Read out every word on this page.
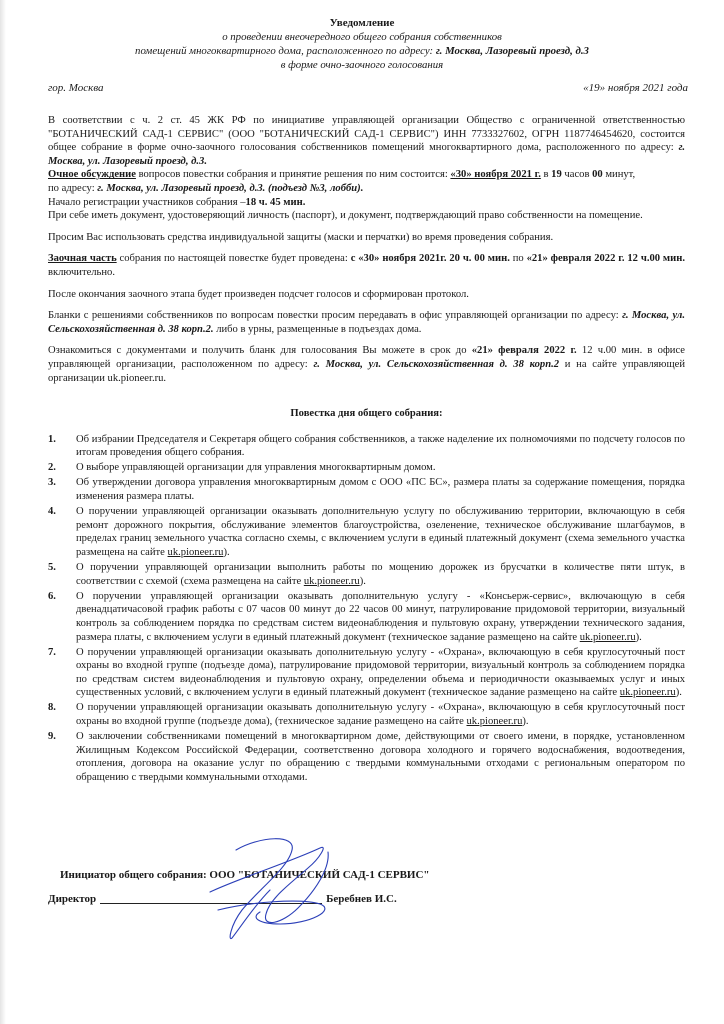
Уведомление
о проведении внеочередного общего собрания собственников
помещений многоквартирного дома, расположенного по адресу: г. Москва, Лазоревый проезд, д.3
в форме очно-заочного голосования
гор. Москва	«19» ноября 2021 года

В соответствии с ч. 2 ст. 45 ЖК РФ по инициативе управляющей организации Общество с ограниченной ответственностью "БОТАНИЧЕСКИЙ САД-1 СЕРВИС" (ООО "БОТАНИЧЕСКИЙ САД-1 СЕРВИС") ИНН 7733327602, ОГРН 1187746454620, состоится общее собрание в форме очно-заочного голосования собственников помещений многоквартирного дома, расположенного по адресу: г. Москва, ул. Лазоревый проезд, д.3.

Очное обсуждение вопросов повестки собрания и принятие решения по ним состоится: «30» ноября 2021 г. в 19 часов 00 минут,
по адресу: г. Москва, ул. Лазоревый проезд, д.3. (подъезд №3, лобби).

Начало регистрации участников собрания –18 ч. 45 мин.

При себе иметь документ, удостоверяющий личность (паспорт), и документ, подтверждающий право собственности на помещение.

Просим Вас использовать средства индивидуальной защиты (маски и перчатки) во время проведения собрания.

Заочная часть собрания по настоящей повестке будет проведена: с «30» ноября 2021г. 20 ч. 00 мин. по «21» февраля 2022 г. 12 ч.00 мин. включительно.

После окончания заочного этапа будет произведен подсчет голосов и сформирован протокол.

Бланки с решениями собственников по вопросам повестки просим передавать в офис управляющей организации по адресу: г. Москва, ул. Сельскохозяйственная д. 38 корп.2. либо в урны, размещенные в подъездах дома.

Ознакомиться с документами и получить бланк для голосования Вы можете в срок до «21» февраля 2022 г. 12 ч.00 мин. в офисе управляющей организации, расположенном по адресу: г. Москва, ул. Сельскохозяйственная д. 38 корп.2 и на сайте управляющей организации uk.pioneer.ru.

Повестка дня общего собрания:
1. Об избрании Председателя и Секретаря общего собрания собственников, а также наделение их полномочиями по подсчету голосов по итогам проведения общего собрания.
2. О выборе управляющей организации для управления многоквартирным домом.
3. Об утверждении договора управления многоквартирным домом с ООО «ПС БС», размера платы за содержание помещения, порядка изменения размера платы.
4. О поручении управляющей организации оказывать дополнительную услугу по обслуживанию территории, включающую в себя ремонт дорожного покрытия, обслуживание элементов благоустройства, озеленение, техническое обслуживание шлагбаумов, в пределах границ земельного участка согласно схемы, с включением услуги в единый платежный документ (схема земельного участка размещена на сайте uk.pioneer.ru).
5. О поручении управляющей организации выполнить работы по мощению дорожек из брусчатки в количестве пяти штук, в соответствии с схемой (схема размещена на сайте uk.pioneer.ru).
6. О поручении управляющей организации оказывать дополнительную услугу - «Консьерж-сервис», включающую в себя двенадцатичасовой график работы с 07 часов 00 минут до 22 часов 00 минут, патрулирование придомовой территории, визуальный контроль за соблюдением порядка по средствам систем видеонаблюдения и пультовую охрану, утверждении технического задания, размера платы, с включением услуги в единый платежный документ (техническое задание размещено на сайте uk.pioneer.ru).
7. О поручении управляющей организации оказывать дополнительную услугу - «Охрана», включающую в себя круглосуточный пост охраны во входной группе (подъезде дома), патрулирование придомовой территории, визуальный контроль за соблюдением порядка по средствам систем видеонаблюдения и пультовую охрану, определении объема и периодичности оказываемых услуг и иных существенных условий, с включением услуги в единый платежный документ (техническое задание размещено на сайте uk.pioneer.ru).
8. О поручении управляющей организации оказывать дополнительную услугу - «Охрана», включающую в себя круглосуточный пост охраны во входной группе (подъезде дома), (техническое задание размещено на сайте uk.pioneer.ru).
9. О заключении собственниками помещений в многоквартирном доме, действующими от своего имени, в порядке, установленном Жилищным Кодексом Российской Федерации, соответственно договора холодного и горячего водоснабжения, водоотведения, отопления, договора на оказание услуг по обращению с твердыми коммунальными отходами с региональным оператором по обращению с твердыми коммунальными отходами.
Инициатор общего собрания: ООО "БОТАНИЧЕСКИЙ САД-1 СЕРВИС"
Директор	Беребнев И.С.
